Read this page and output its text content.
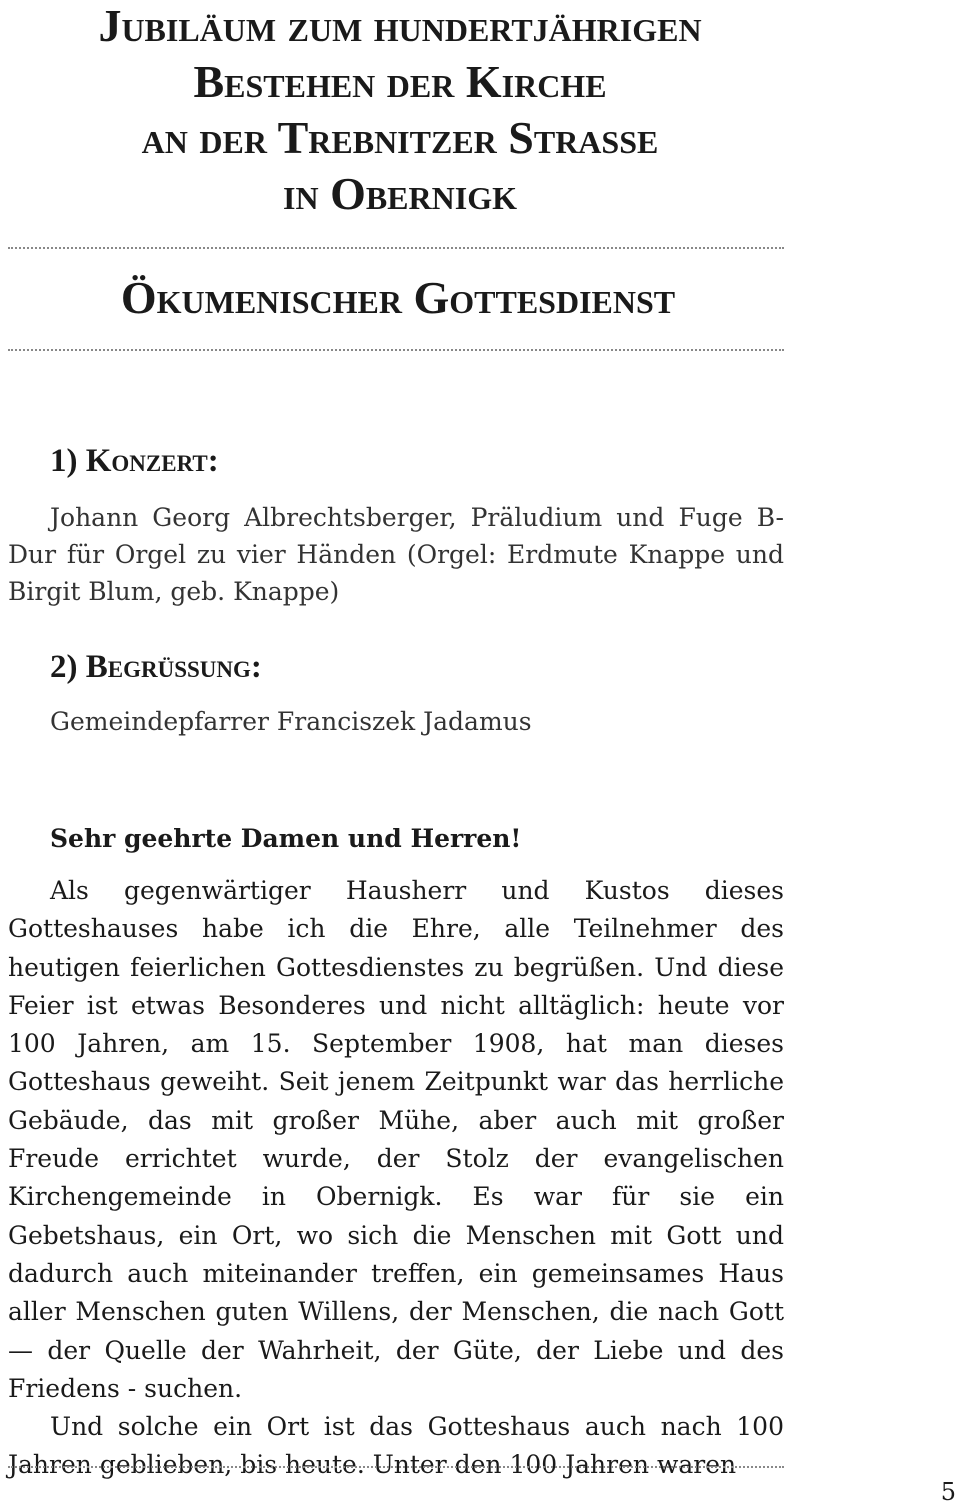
Jubiläum zum hundertjährigen
Bestehen der Kirche
an der Trebnitzer Straße
in Obernigk
Ökumenischer Gottesdienst
1) Konzert:
Johann Georg Albrechtsberger, Präludium und Fuge B-Dur für Orgel zu vier Händen (Orgel: Erdmute Knappe und Birgit Blum, geb. Knappe)
2) Begrüssung:
Gemeindepfarrer Franciszek Jadamus
Sehr geehrte Damen und Herren!

Als gegenwärtiger Hausherr und Kustos dieses Gotteshauses habe ich die Ehre, alle Teilnehmer des heutigen feierlichen Gottesdienstes zu begrüßen. Und diese Feier ist etwas Besonderes und nicht alltäglich: heute vor 100 Jahren, am 15. September 1908, hat man dieses Gotteshaus geweiht. Seit jenem Zeitpunkt war das herrliche Gebäude, das mit großer Mühe, aber auch mit großer Freude errichtet wurde, der Stolz der evangelischen Kirchengemeinde in Obernigk. Es war für sie ein Gebetshaus, ein Ort, wo sich die Menschen mit Gott und dadurch auch miteinander treffen, ein gemeinsames Haus aller Menschen guten Willens, der Menschen, die nach Gott — der Quelle der Wahrheit, der Güte, der Liebe und des Friedens - suchen.

Und solche ein Ort ist das Gotteshaus auch nach 100 Jahren geblieben, bis heute. Unter den 100 Jahren waren

5
